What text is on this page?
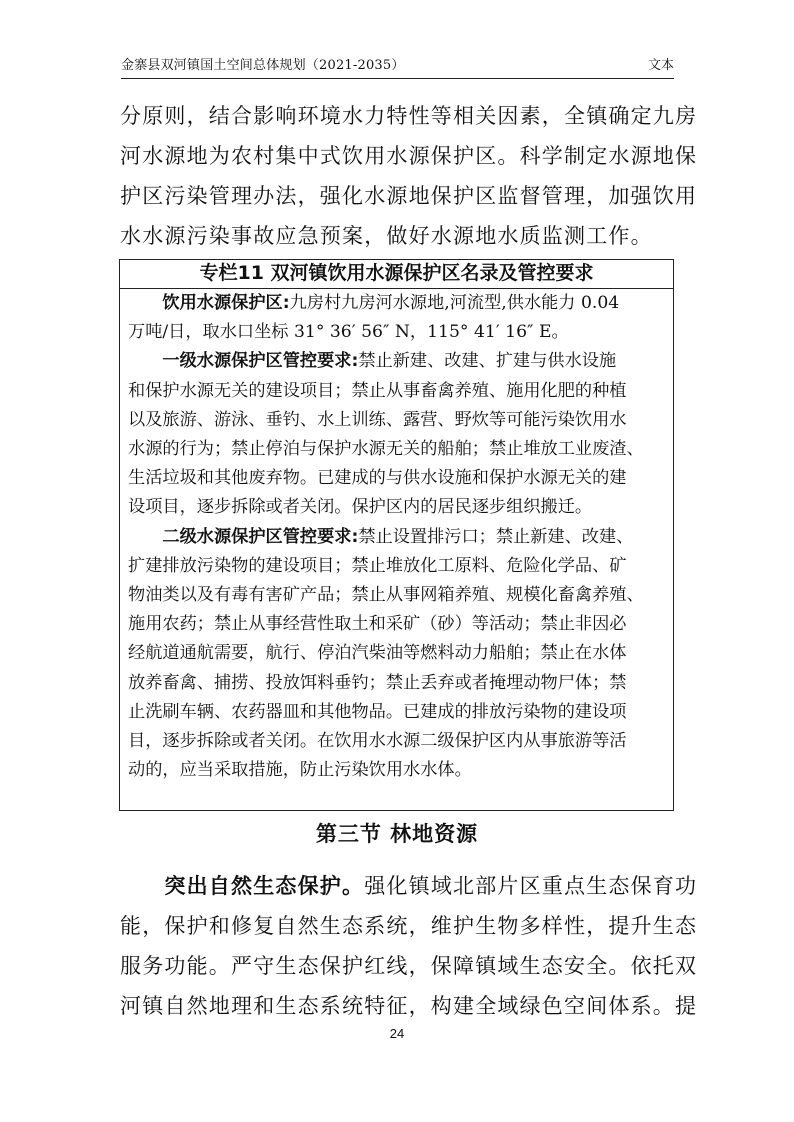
金寨县双河镇国土空间总体规划（2021-2035）	文本
分原则，结合影响环境水力特性等相关因素，全镇确定九房
河水源地为农村集中式饮用水源保护区。科学制定水源地保
护区污染管理办法，强化水源地保护区监督管理，加强饮用
水水源污染事故应急预案，做好水源地水质监测工作。
专栏11 双河镇饮用水源保护区名录及管控要求
  饮用水源保护区:九房村九房河水源地,河流型,供水能力 0.04
万吨/日，取水口坐标 31° 36′ 56″ N，115° 41′ 16″ E。
  一级水源保护区管控要求:禁止新建、改建、扩建与供水设施
和保护水源无关的建设项目；禁止从事畜禽养殖、施用化肥的种植
以及旅游、游泳、垂钓、水上训练、露营、野炊等可能污染饮用水
水源的行为；禁止停泊与保护水源无关的船舶；禁止堆放工业废渣、
生活垃圾和其他废弃物。已建成的与供水设施和保护水源无关的建
设项目，逐步拆除或者关闭。保护区内的居民逐步组织搬迁。
  二级水源保护区管控要求:禁止设置排污口；禁止新建、改建、
扩建排放污染物的建设项目；禁止堆放化工原料、危险化学品、矿
物油类以及有毒有害矿产品；禁止从事网箱养殖、规模化畜禽养殖、
施用农药；禁止从事经营性取土和采矿（砂）等活动；禁止非因必
经航道通航需要，航行、停泊汽柴油等燃料动力船舶；禁止在水体
放养畜禽、捕捞、投放饵料垂钓；禁止丢弃或者掩埋动物尸体；禁
止洗刷车辆、农药器皿和其他物品。已建成的排放污染物的建设项
目，逐步拆除或者关闭。在饮用水水源二级保护区内从事旅游等活
动的，应当采取措施，防止污染饮用水水体。
第三节 林地资源
  突出自然生态保护。强化镇域北部片区重点生态保育功
能，保护和修复自然生态系统，维护生物多样性，提升生态
服务功能。严守生态保护红线，保障镇域生态安全。依托双
河镇自然地理和生态系统特征，构建全域绿色空间体系。提
24
